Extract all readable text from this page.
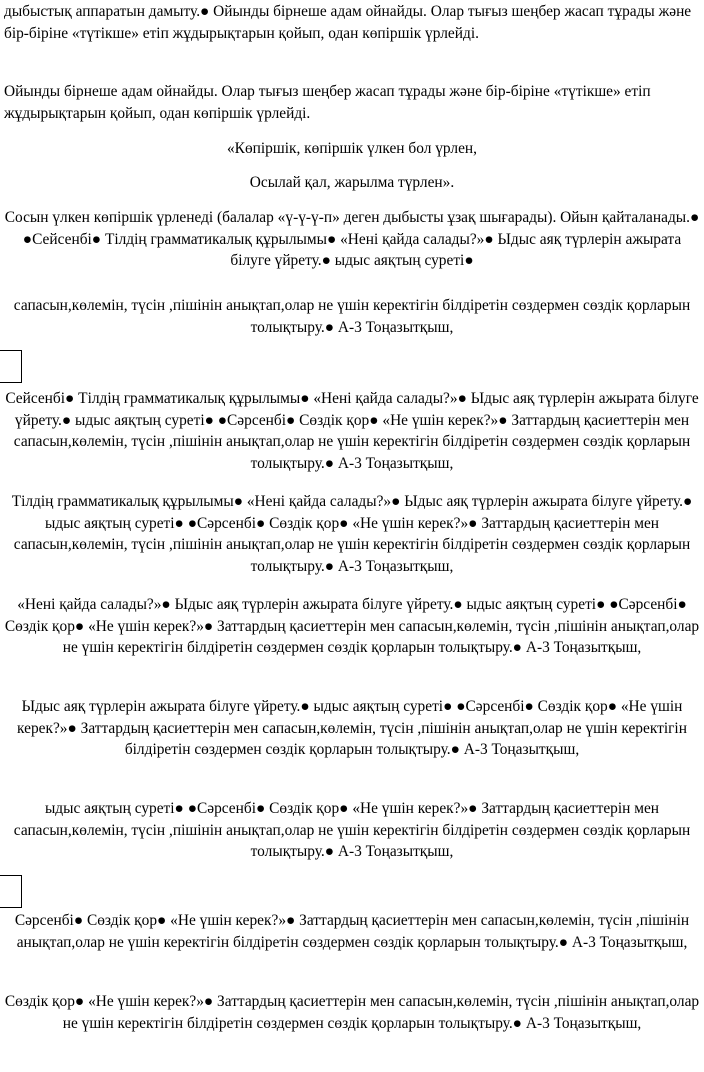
дыбыстық аппаратын дамыту.● Ойынды бірнеше адам ойнайды. Олар тығыз шеңбер жасап тұрады және бір-біріне «түтікше» етіп жұдырықтарын қойып, одан көпіршік үрлейді.

Ойынды бірнеше адам ойнайды. Олар тығыз шеңбер жасап тұрады және бір-біріне «түтікше» етіп жұдырықтарын қойып, одан көпіршік үрлейді.

«Көпіршік, көпіршік үлкен бол үрлен,

Осылай қал, жарылма түрлен».

Сосын үлкен көпіршік үрленеді (балалар «ү-ү-ү-п» деген дыбысты ұзақ шығарады). Ойын қайталанады.● ●Сейсенбі● Тілдің грамматикалық құрылымы● «Нені қайда салады?»● Ыдыс аяқ түрлерін ажырата білуге үйрету.● ыдыс аяқтың суреті●

сапасын,көлемін, түсін ,пішінін анықтап,олар не үшін керектігін білдіретін сөздермен сөздік қорларын толықтыру.● А-3 Тоңазытқыш,

Сейсенбі● Тілдің грамматикалық құрылымы● «Нені қайда салады?»● Ыдыс аяқ түрлерін ажырата білуге үйрету.● ыдыс аяқтың суреті● ●Сәрсенбі● Сөздік қор● «Не үшін керек?»● Заттардың қасиеттерін мен сапасын,көлемін, түсін ,пішінін анықтап,олар не үшін керектігін білдіретін сөздермен сөздік қорларын толықтыру.● А-3 Тоңазытқыш,

Тілдің грамматикалық құрылымы● «Нені қайда салады?»● Ыдыс аяқ түрлерін ажырата білуге үйрету.● ыдыс аяқтың суреті● ●Сәрсенбі● Сөздік қор● «Не үшін керек?»● Заттардың қасиеттерін мен сапасын,көлемін, түсін ,пішінін анықтап,олар не үшін керектігін білдіретін сөздермен сөздік қорларын толықтыру.● А-3 Тоңазытқыш,

«Нені қайда салады?»● Ыдыс аяқ түрлерін ажырата білуге үйрету.● ыдыс аяқтың суреті● ●Сәрсенбі● Сөздік қор● «Не үшін керек?»● Заттардың қасиеттерін мен сапасын,көлемін, түсін ,пішінін анықтап,олар не үшін керектігін білдіретін сөздермен сөздік қорларын толықтыру.● А-3 Тоңазытқыш,

Ыдыс аяқ түрлерін ажырата білуге үйрету.● ыдыс аяқтың суреті● ●Сәрсенбі● Сөздік қор● «Не үшін керек?»● Заттардың қасиеттерін мен сапасын,көлемін, түсін ,пішінін анықтап,олар не үшін керектігін білдіретін сөздермен сөздік қорларын толықтыру.● А-3 Тоңазытқыш,

ыдыс аяқтың суреті● ●Сәрсенбі● Сөздік қор● «Не үшін керек?»● Заттардың қасиеттерін мен сапасын,көлемін, түсін ,пішінін анықтап,олар не үшін керектігін білдіретін сөздермен сөздік қорларын толықтыру.● А-3 Тоңазытқыш,

Сәрсенбі● Сөздік қор● «Не үшін керек?»● Заттардың қасиеттерін мен сапасын,көлемін, түсін ,пішінін анықтап,олар не үшін керектігін білдіретін сөздермен сөздік қорларын толықтыру.● А-3 Тоңазытқыш,

Сөздік қор● «Не үшін керек?»● Заттардың қасиеттерін мен сапасын,көлемін, түсін ,пішінін анықтап,олар не үшін керектігін білдіретін сөздермен сөздік қорларын толықтыру.● А-3 Тоңазытқыш,
